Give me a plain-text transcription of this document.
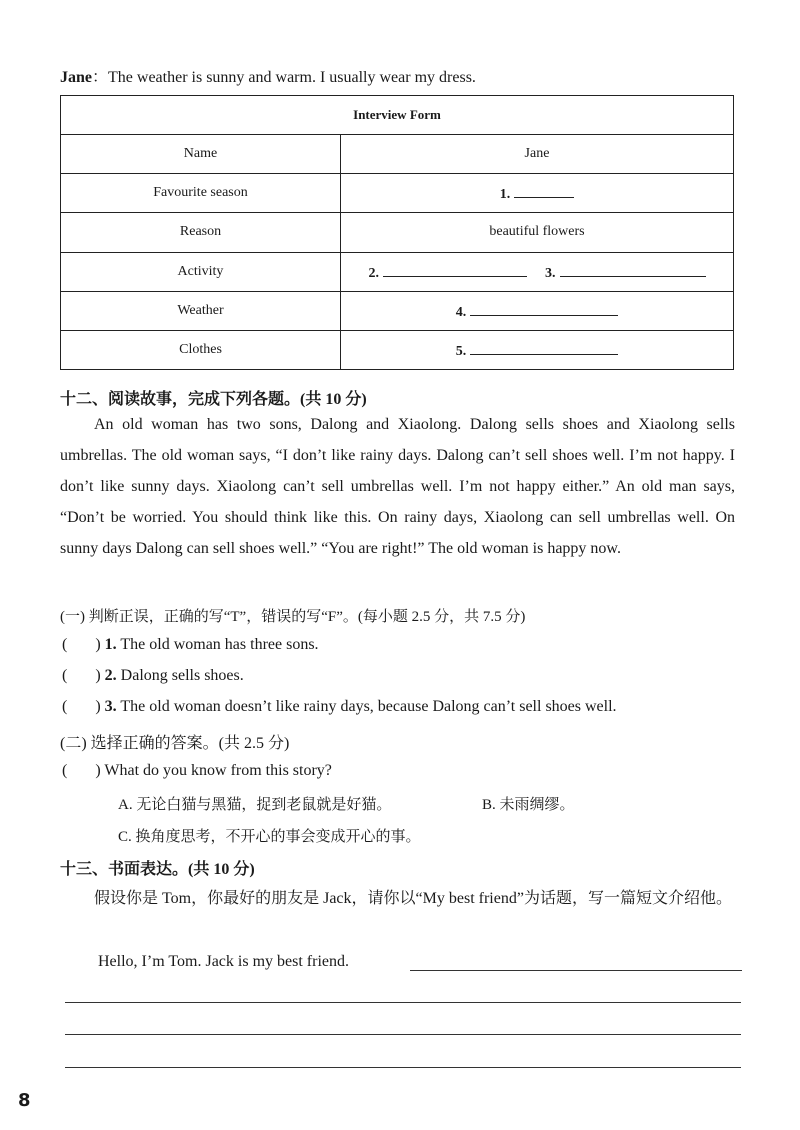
Jane：The weather is sunny and warm. I usually wear my dress.
Interview Form	
Name	Jane
Favourite season	1.
Reason	beautiful flowers
Activity	2. 3.
Weather	4.
Clothes	5.
十二、阅读故事，完成下列各题。(共 10 分)

An old woman has two sons, Dalong and Xiaolong. Dalong sells shoes and Xiaolong sells umbrellas. The old woman says, “I don’t like rainy days. Dalong can’t sell shoes well. I’m not happy. I don’t like sunny days. Xiaolong can’t sell umbrellas well. I’m not happy either.” An old man says, “Don’t be worried. You should think like this. On rainy days, Xiaolong can sell umbrellas well. On sunny days Dalong can sell shoes well.” “You are right!” The old woman is happy now.

(一) 判断正误，正确的写“T”，错误的写“F”。(每小题 2.5 分，共 7.5 分)
( ) 1. The old woman has three sons.
( ) 2. Dalong sells shoes.
( ) 3. The old woman doesn’t like rainy days, because Dalong can’t sell shoes well.
(二) 选择正确的答案。(共 2.5 分)
( ) What do you know from this story?
A. 无论白猫与黑猫，捉到老鼠就是好猫。	B. 未雨绸缪。
C. 换角度思考，不开心的事会变成开心的事。
十三、书面表达。(共 10 分)

假设你是 Tom，你最好的朋友是 Jack，请你以“My best friend”为话题，写一篇短文介绍他。

Hello, I’m Tom. Jack is my best friend.
8
